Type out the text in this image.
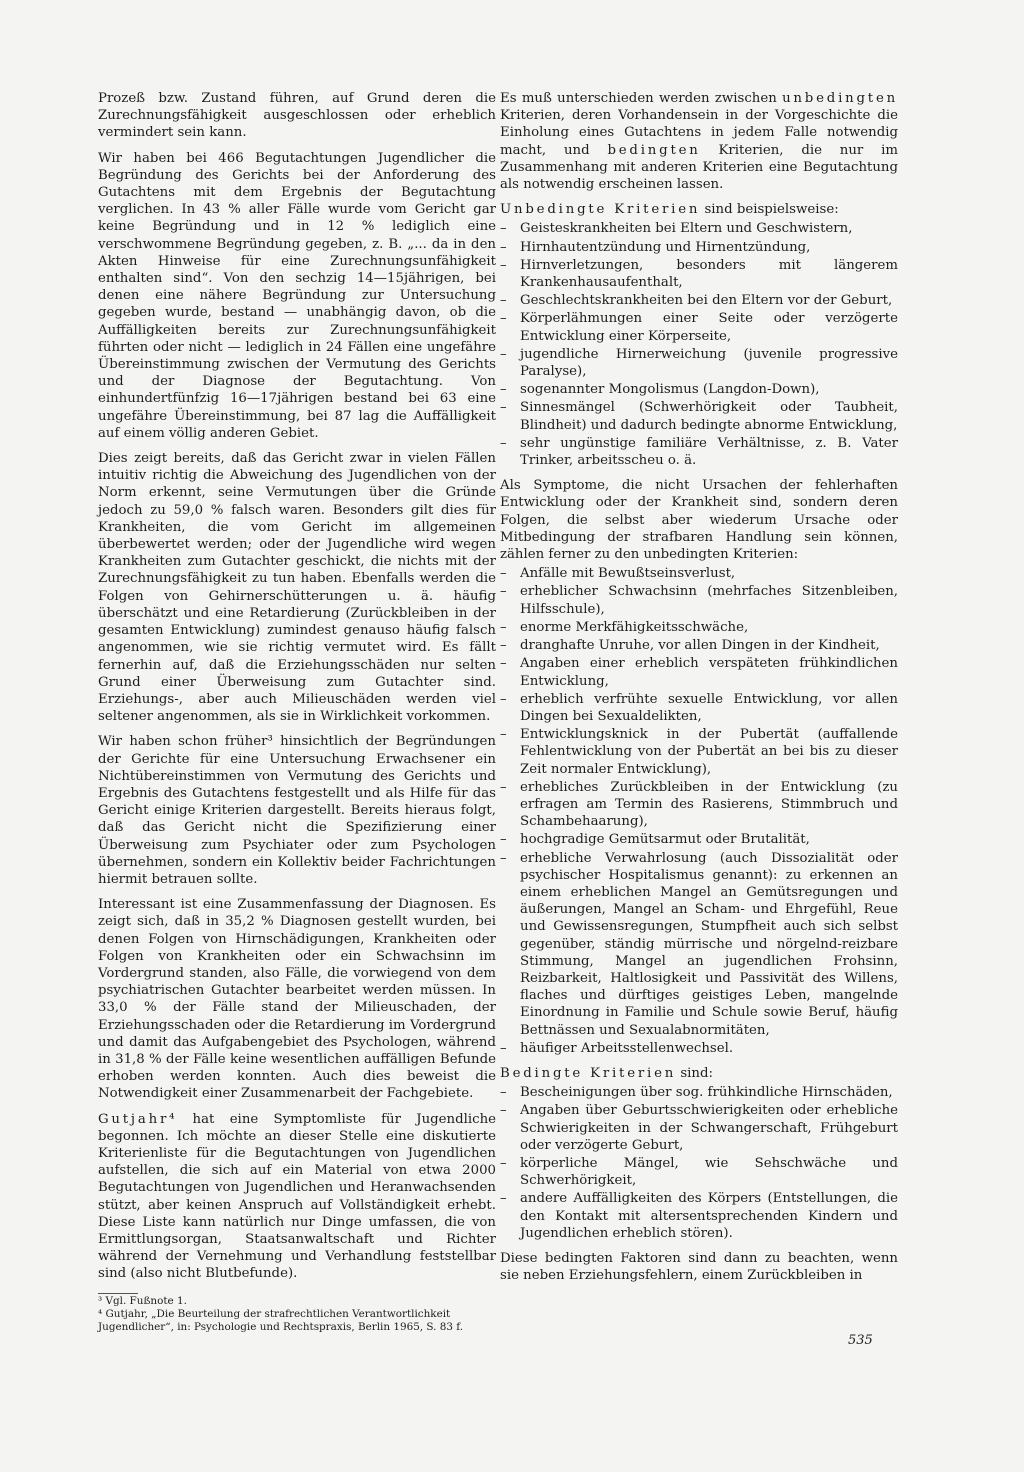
Prozeß bzw. Zustand führen, auf Grund deren die Zurechnungsfähigkeit ausgeschlossen oder erheblich vermindert sein kann.

Wir haben bei 466 Begutachtungen Jugendlicher die Begründung des Gerichts bei der Anforderung des Gutachtens mit dem Ergebnis der Begutachtung verglichen. In 43 % aller Fälle wurde vom Gericht gar keine Begründung und in 12 % lediglich eine verschwommene Begründung gegeben, z. B. „... da in den Akten Hinweise für eine Zurechnungsunfähigkeit enthalten sind“. Von den sechzig 14—15jährigen, bei denen eine nähere Begründung zur Untersuchung gegeben wurde, bestand — unabhängig davon, ob die Auffälligkeiten bereits zur Zurechnungsunfähigkeit führten oder nicht — lediglich in 24 Fällen eine ungefähre Übereinstimmung zwischen der Vermutung des Gerichts und der Diagnose der Begutachtung. Von einhundertfünfzig 16—17jährigen bestand bei 63 eine ungefähre Übereinstimmung, bei 87 lag die Auffälligkeit auf einem völlig anderen Gebiet.

Dies zeigt bereits, daß das Gericht zwar in vielen Fällen intuitiv richtig die Abweichung des Jugendlichen von der Norm erkennt, seine Vermutungen über die Gründe jedoch zu 59,0 % falsch waren. Besonders gilt dies für Krankheiten, die vom Gericht im allgemeinen überbewertet werden; oder der Jugendliche wird wegen Krankheiten zum Gutachter geschickt, die nichts mit der Zurechnungsfähigkeit zu tun haben. Ebenfalls werden die Folgen von Gehirnerschütterungen u. ä. häufig überschätzt und eine Retardierung (Zurückbleiben in der gesamten Entwicklung) zumindest genauso häufig falsch angenommen, wie sie richtig vermutet wird. Es fällt fernerhin auf, daß die Erziehungsschäden nur selten Grund einer Überweisung zum Gutachter sind. Erziehungs-, aber auch Milieuschäden werden viel seltener angenommen, als sie in Wirklichkeit vorkommen.

Wir haben schon früher³ hinsichtlich der Begründungen der Gerichte für eine Untersuchung Erwachsener ein Nichtübereinstimmen von Vermutung des Gerichts und Ergebnis des Gutachtens festgestellt und als Hilfe für das Gericht einige Kriterien dargestellt. Bereits hieraus folgt, daß das Gericht nicht die Spezifizierung einer Überweisung zum Psychiater oder zum Psychologen übernehmen, sondern ein Kollektiv beider Fachrichtungen hiermit betrauen sollte.

Interessant ist eine Zusammenfassung der Diagnosen. Es zeigt sich, daß in 35,2 % Diagnosen gestellt wurden, bei denen Folgen von Hirnschädigungen, Krankheiten oder Folgen von Krankheiten oder ein Schwachsinn im Vordergrund standen, also Fälle, die vorwiegend von dem psychiatrischen Gutachter bearbeitet werden müssen. In 33,0 % der Fälle stand der Milieuschaden, der Erziehungsschaden oder die Retardierung im Vordergrund und damit das Aufgabengebiet des Psychologen, während in 31,8 % der Fälle keine wesentlichen auffälligen Befunde erhoben werden konnten. Auch dies beweist die Notwendigkeit einer Zusammenarbeit der Fachgebiete.

Gutjahr⁴ hat eine Symptomliste für Jugendliche begonnen. Ich möchte an dieser Stelle eine diskutierte Kriterienliste für die Begutachtungen von Jugendlichen aufstellen, die sich auf ein Material von etwa 2000 Begutachtungen von Jugendlichen und Heranwachsenden stützt, aber keinen Anspruch auf Vollständigkeit erhebt. Diese Liste kann natürlich nur Dinge umfassen, die von Ermittlungsorgan, Staatsanwaltschaft und Richter während der Vernehmung und Verhandlung feststellbar sind (also nicht Blutbefunde).

³ Vgl. Fußnote 1.
⁴ Gutjahr, „Die Beurteilung der strafrechtlichen Verantwortlichkeit Jugendlicher“, in: Psychologie und Rechtspraxis, Berlin 1965, S. 83 f.

Es muß unterschieden werden zwischen unbedingten Kriterien, deren Vorhandensein in der Vorgeschichte die Einholung eines Gutachtens in jedem Falle notwendig macht, und bedingten Kriterien, die nur im Zusammenhang mit anderen Kriterien eine Begutachtung als notwendig erscheinen lassen.

Unbedingte Kriterien sind beispielsweise:

– Geisteskrankheiten bei Eltern und Geschwistern,
– Hirnhautentzündung und Hirnentzündung,
– Hirnverletzungen, besonders mit längerem Krankenhausaufenthalt,
– Geschlechtskrankheiten bei den Eltern vor der Geburt,
– Körperlähmungen einer Seite oder verzögerte Entwicklung einer Körperseite,
– jugendliche Hirnerweichung (juvenile progressive Paralyse),
– sogenannter Mongolismus (Langdon-Down),
– Sinnesmängel (Schwerhörigkeit oder Taubheit, Blindheit) und dadurch bedingte abnorme Entwicklung,
– sehr ungünstige familiäre Verhältnisse, z. B. Vater Trinker, arbeitsscheu o. ä.

Als Symptome, die nicht Ursachen der fehlerhaften Entwicklung oder der Krankheit sind, sondern deren Folgen, die selbst aber wiederum Ursache oder Mitbedingung der strafbaren Handlung sein können, zählen ferner zu den unbedingten Kriterien:

– Anfälle mit Bewußtseinsverlust,
– erheblicher Schwachsinn (mehrfaches Sitzenbleiben, Hilfsschule),
– enorme Merkfähigkeitsschwäche,
– dranghafte Unruhe, vor allen Dingen in der Kindheit,
– Angaben einer erheblich verspäteten frühkindlichen Entwicklung,
– erheblich verfrühte sexuelle Entwicklung, vor allen Dingen bei Sexualdelikten,
– Entwicklungsknick in der Pubertät (auffallende Fehlentwicklung von der Pubertät an bei bis zu dieser Zeit normaler Entwicklung),
– erhebliches Zurückbleiben in der Entwicklung (zu erfragen am Termin des Rasierens, Stimmbruch und Schambehaarung),
– hochgradige Gemütsarmut oder Brutalität,
– erhebliche Verwahrlosung (auch Dissozialität oder psychischer Hospitalismus genannt): zu erkennen an einem erheblichen Mangel an Gemütsregungen und äußerungen, Mangel an Scham- und Ehrgefühl, Reue und Gewissensregungen, Stumpfheit auch sich selbst gegenüber, ständig mürrische und nörgelnd-reizbare Stimmung, Mangel an jugendlichen Frohsinn, Reizbarkeit, Haltlosigkeit und Passivität des Willens, flaches und dürftiges geistiges Leben, mangelnde Einordnung in Familie und Schule sowie Beruf, häufig Bettnässen und Sexualabnormitäten,
– häufiger Arbeitsstellenwechsel.

Bedingte Kriterien sind:

– Bescheinigungen über sog. frühkindliche Hirnschäden,
– Angaben über Geburtsschwierigkeiten oder erhebliche Schwierigkeiten in der Schwangerschaft, Frühgeburt oder verzögerte Geburt,
– körperliche Mängel, wie Sehschwäche und Schwerhörigkeit,
– andere Auffälligkeiten des Körpers (Entstellungen, die den Kontakt mit altersentsprechenden Kindern und Jugendlichen erheblich stören).

Diese bedingten Faktoren sind dann zu beachten, wenn sie neben Erziehungsfehlern, einem Zurückbleiben in

535
